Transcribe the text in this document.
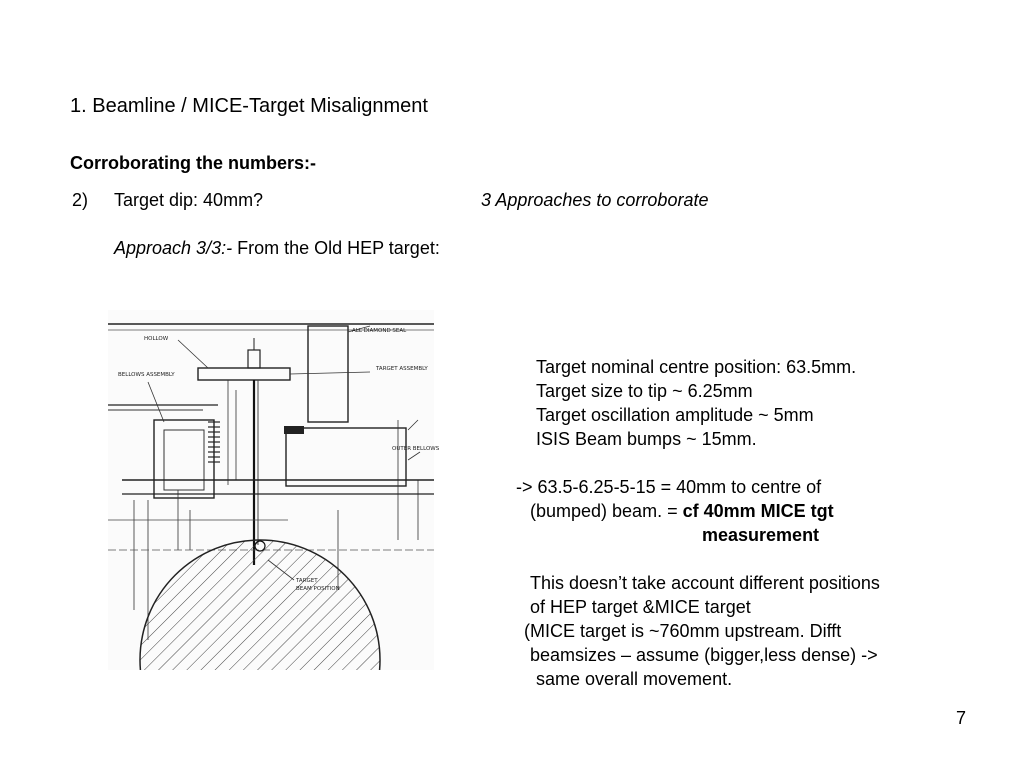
1. Beamline / MICE-Target Misalignment
Corroborating the numbers:-
2) Target dip: 40mm?	3 Approaches to corroborate
Approach 3/3:- From the Old HEP target:
HOLLOW
ALL DIAMOND SEAL
TARGET ASSEMBLY
BELLOWS ASSEMBLY
TARGET
BEAM POSITION
OUTER BELLOWS
Target nominal centre position: 63.5mm.
Target size to tip ~ 6.25mm
Target oscillation amplitude ~ 5mm
ISIS Beam bumps ~ 15mm.
-> 63.5-6.25-5-15 = 40mm to centre of
(bumped) beam. = cf 40mm MICE tgt
measurement
This doesn’t take account different positions
of HEP target &MICE target
(MICE target is ~760mm upstream. Difft
beamsizes – assume (bigger,less dense) ->
same overall movement.
7
